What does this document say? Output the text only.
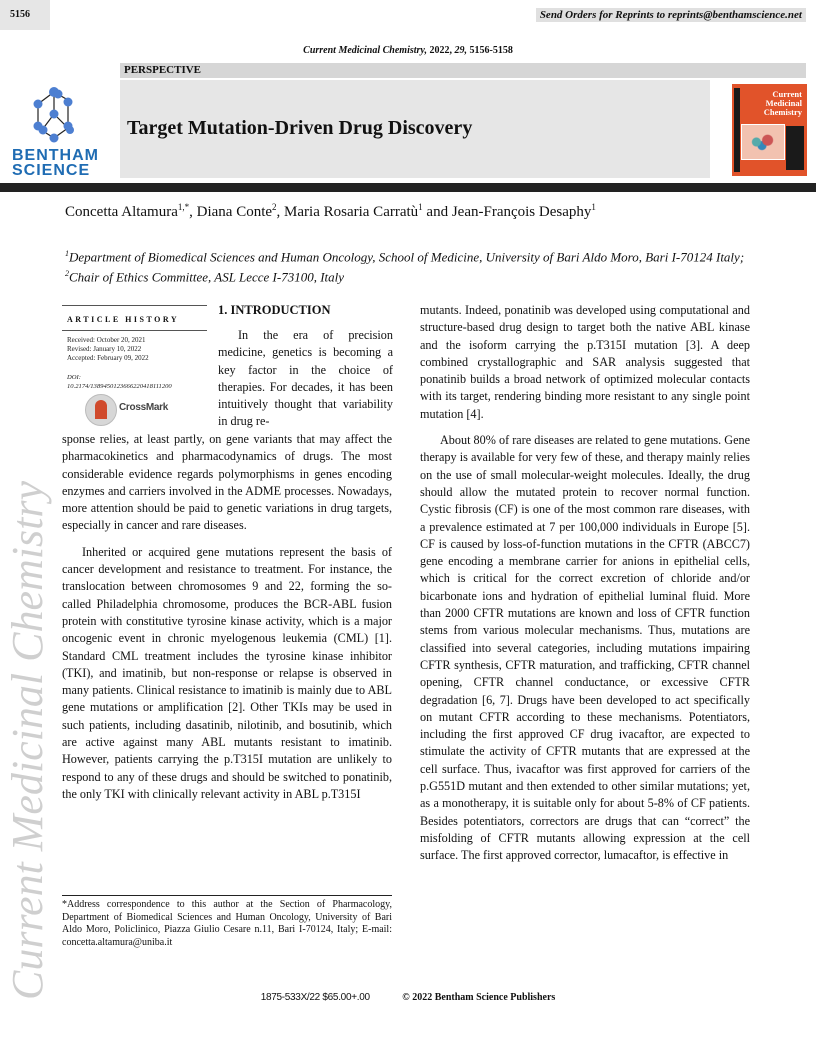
5156	Send Orders for Reprints to reprints@benthamscience.net
Current Medicinal Chemistry, 2022, 29, 5156-5158
BENTHAM
SCIENCE
PERSPECTIVE
Target Mutation-Driven Drug Discovery
Current
Medicinal
Chemistry
Concetta Altamura$^{1,*}$, Diana Conte$^2$, Maria Rosaria Carratù$^1$ and Jean-François Desaphy$^1$
$^1$Department of Biomedical Sciences and Human Oncology, School of Medicine, University of Bari Aldo Moro, Bari I-70124 Italy; $^2$Chair of Ethics Committee, ASL Lecce I-73100, Italy
Current Medicinal Chemistry
ARTICLE HISTORY
Received: October 20, 2021
Revised: January 10, 2022
Accepted: February 09, 2022
DOI:
10.2174/1389450123666220418111200
CrossMark
1. INTRODUCTION

In the era of precision medicine, genetics is becoming a key factor in the choice of therapies. For decades, it has been intuitively thought that variability in drug re-

sponse relies, at least partly, on gene variants that may affect the pharmacokinetics and pharmacodynamics of drugs. The most considerable evidence regards polymorphisms in genes encoding enzymes and carriers involved in the ADME processes. Nowadays, more attention should be paid to genetic variations in drug targets, especially in cancer and rare diseases.

Inherited or acquired gene mutations represent the basis of cancer development and resistance to treatment. For instance, the translocation between chromosomes 9 and 22, forming the so-called Philadelphia chromosome, produces the BCR-ABL fusion protein with constitutive tyrosine kinase activity, which is a major oncogenic event in chronic myelogenous leukemia (CML) [1]. Standard CML treatment includes the tyrosine kinase inhibitor (TKI), and imatinib, but non-response or relapse is observed in many patients. Clinical resistance to imatinib is mainly due to ABL gene mutations or amplification [2]. Other TKIs may be used in such patients, including dasatinib, nilotinib, and bosutinib, which are active against many ABL mutants resistant to imatinib. However, patients carrying the p.T315I mutation are unlikely to respond to any of these drugs and should be switched to ponatinib, the only TKI with clinically relevant activity in ABL p.T315I

mutants. Indeed, ponatinib was developed using computational and structure-based drug design to target both the native ABL kinase and the isoform carrying the p.T315I mutation [3]. A deep combined crystallographic and SAR analysis suggested that ponatinib builds a broad network of optimized molecular contacts with its target, rendering binding more resistant to any single point mutation [4].

About 80% of rare diseases are related to gene mutations. Gene therapy is available for very few of these, and therapy mainly relies on the use of small molecular-weight molecules. Ideally, the drug should allow the mutated protein to recover normal function. Cystic fibrosis (CF) is one of the most common rare diseases, with a prevalence estimated at 7 per 100,000 individuals in Europe [5]. CF is caused by loss-of-function mutations in the CFTR (ABCC7) gene encoding a membrane carrier for anions in epithelial cells, which is critical for the correct excretion of chloride and/or bicarbonate ions and hydration of epithelial luminal fluid. More than 2000 CFTR mutations are known and loss of CFTR function stems from various molecular mechanisms. Thus, mutations are classified into several categories, including mutations impairing CFTR synthesis, CFTR maturation, and trafficking, CFTR channel opening, CFTR channel conductance, or excessive CFTR degradation [6, 7]. Drugs have been developed to act specifically on mutant CFTR according to these mechanisms. Potentiators, including the first approved CF drug ivacaftor, are expected to stimulate the activity of CFTR mutants that are expressed at the cell surface. Thus, ivacaftor was first approved for carriers of the p.G551D mutant and then extended to other similar mutations; yet, as a monotherapy, it is suitable only for about 5-8% of CF patients. Besides potentiators, correctors are drugs that can “correct” the misfolding of CFTR mutants allowing expression at the cell surface. The first approved corrector, lumacaftor, is effective in

*Address correspondence to this author at the Section of Pharmacology, Department of Biomedical Sciences and Human Oncology, University of Bari Aldo Moro, Policlinico, Piazza Giulio Cesare n.11, Bari I-70124, Italy; E-mail: concetta.altamura@uniba.it
1875-533X/22 $65.00+.00	© 2022 Bentham Science Publishers
